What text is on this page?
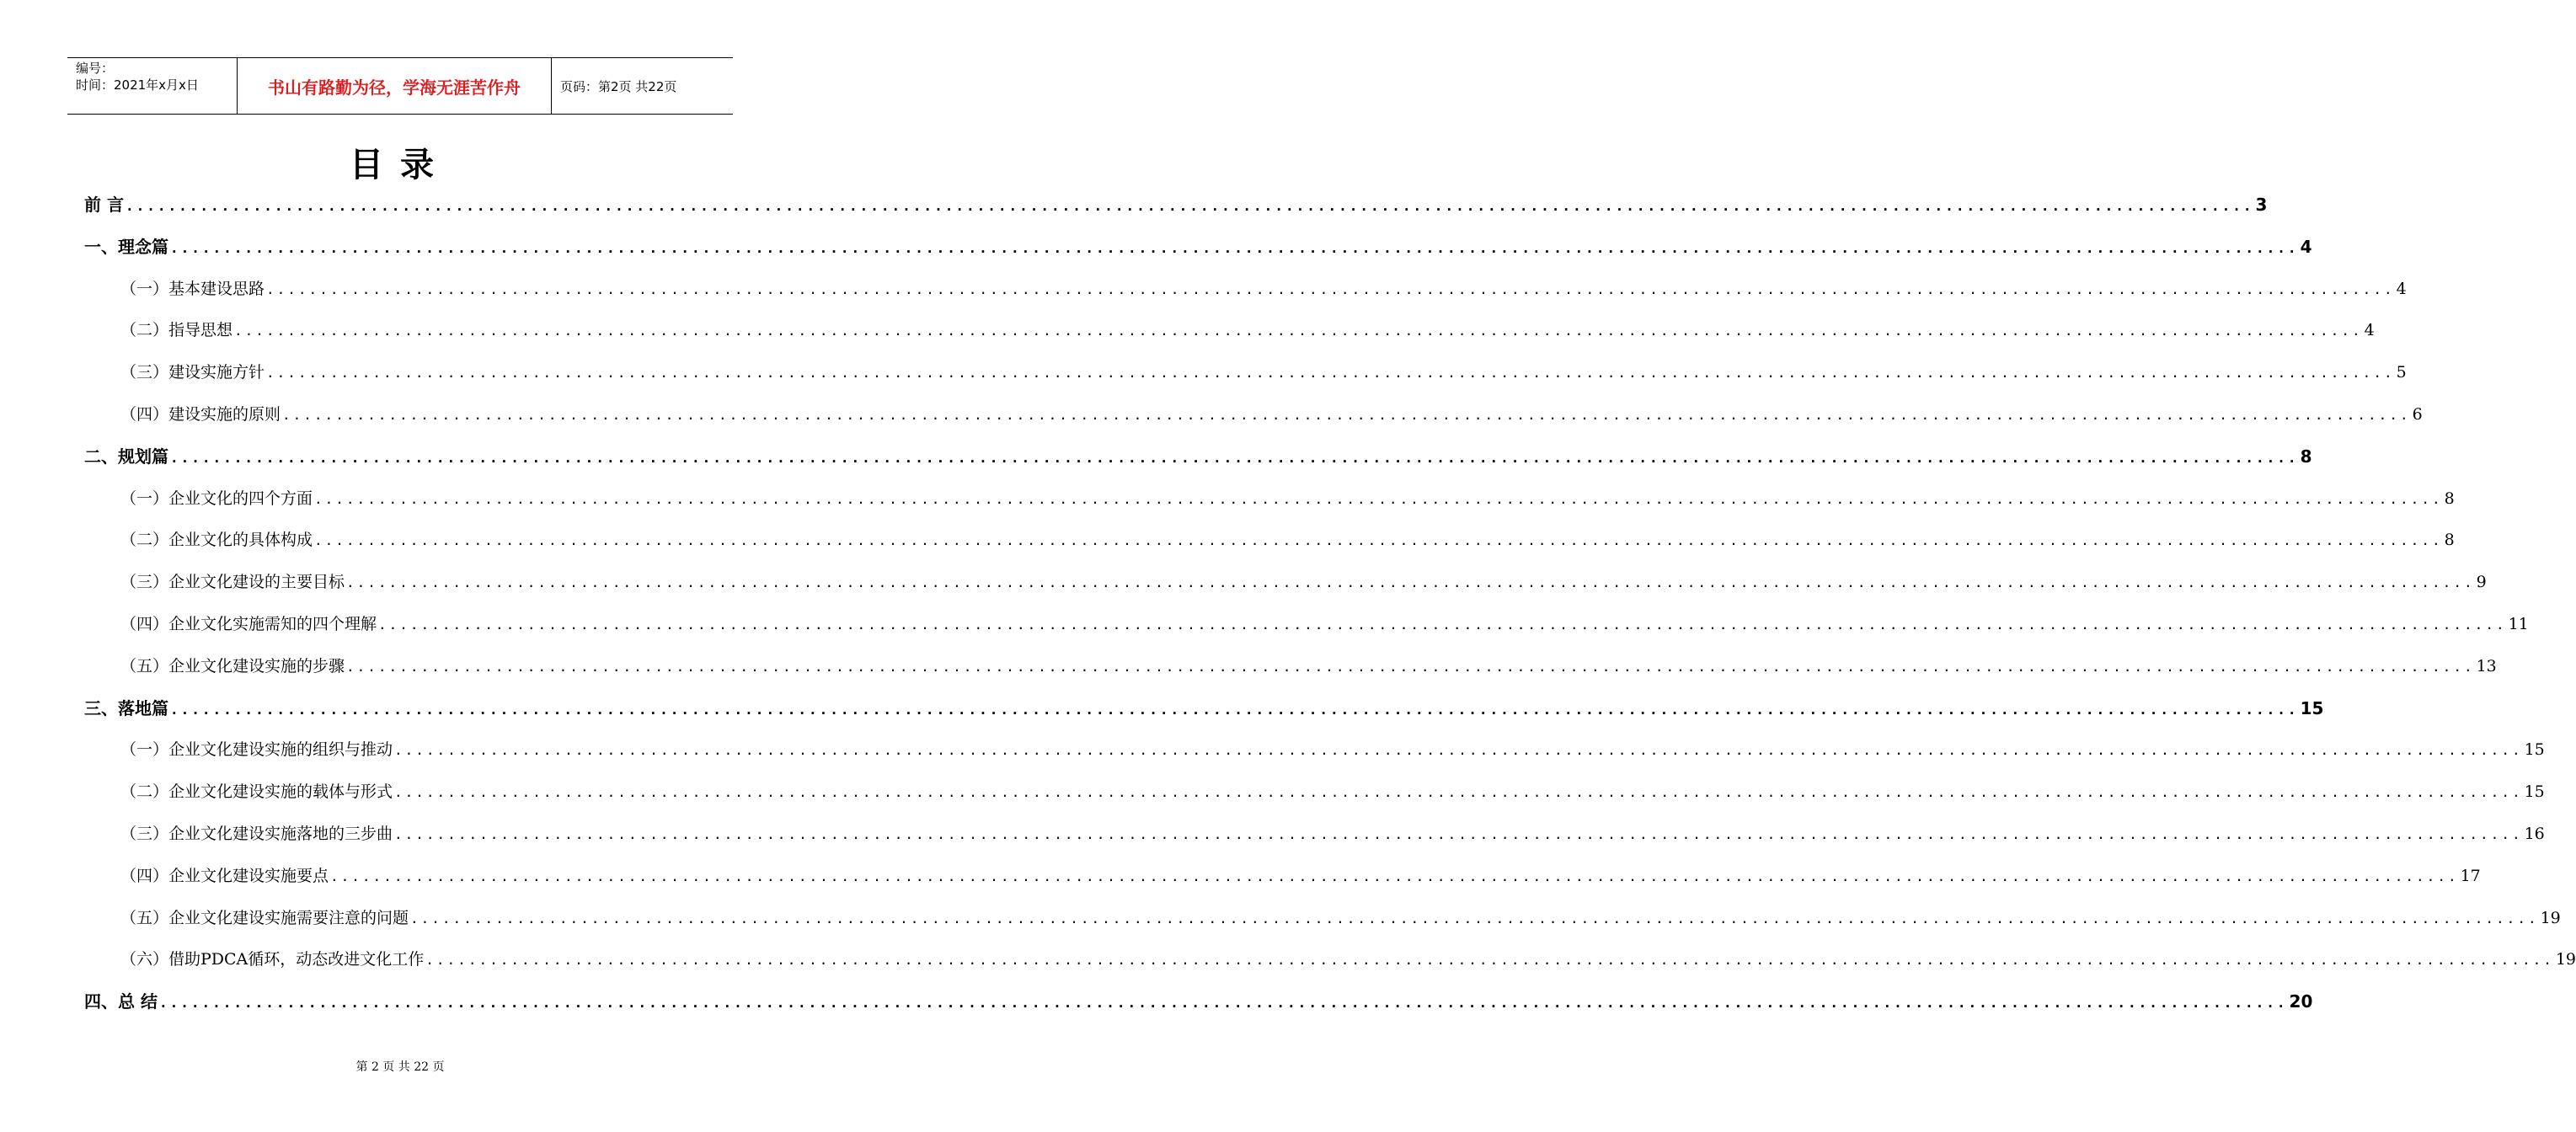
编号：
时间：2021年x月x日	书山有路勤为径，学海无涯苦作舟	页码：第2页 共22页
目录
前 言 ........................................................................................................................................................................................................ 3
一、理念篇 ........................................................................................................................................................................................................ 4
（一）基本建设思路 ........................................................................................................................................................................................................ 4
（二）指导思想 ........................................................................................................................................................................................................ 4
（三）建设实施方针 ........................................................................................................................................................................................................ 5
（四）建设实施的原则 ........................................................................................................................................................................................................ 6
二、规划篇 ........................................................................................................................................................................................................ 8
（一）企业文化的四个方面 ........................................................................................................................................................................................................ 8
（二）企业文化的具体构成 ........................................................................................................................................................................................................ 8
（三）企业文化建设的主要目标 ........................................................................................................................................................................................................ 9
（四）企业文化实施需知的四个理解 ........................................................................................................................................................................................................ 11
（五）企业文化建设实施的步骤 ........................................................................................................................................................................................................ 13
三、落地篇 ........................................................................................................................................................................................................ 15
（一）企业文化建设实施的组织与推动 ........................................................................................................................................................................................................ 15
（二）企业文化建设实施的载体与形式 ........................................................................................................................................................................................................ 15
（三）企业文化建设实施落地的三步曲 ........................................................................................................................................................................................................ 16
（四）企业文化建设实施要点 ........................................................................................................................................................................................................ 17
（五）企业文化建设实施需要注意的问题 ........................................................................................................................................................................................................ 19
（六）借助PDCA循环，动态改进文化工作 ........................................................................................................................................................................................................ 19
四、总 结 ........................................................................................................................................................................................................ 20
第 2 页 共 22 页
